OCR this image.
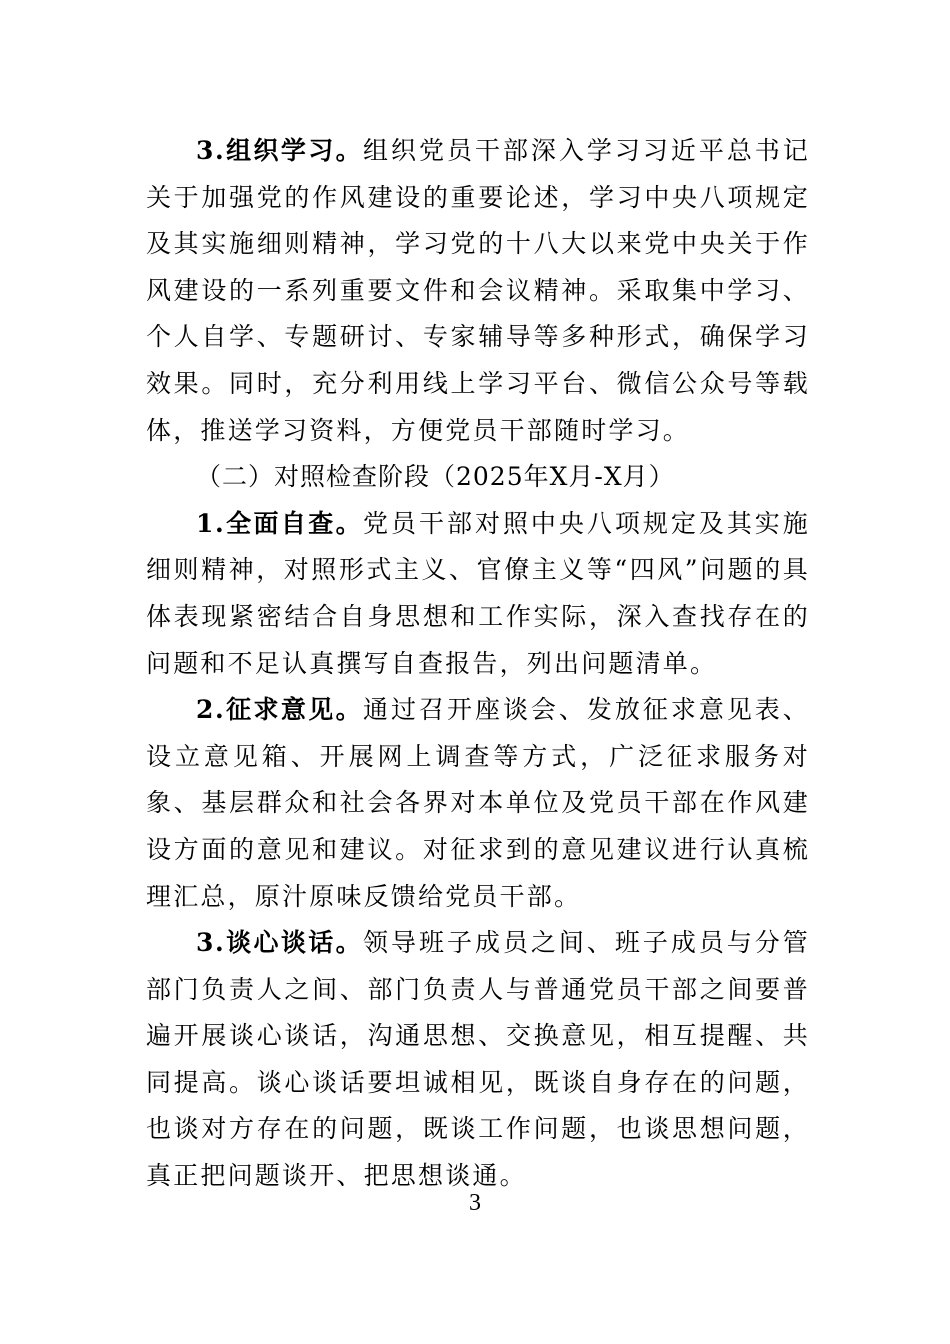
3.组织学习。组织党员干部深入学习习近平总书记关于加强党的作风建设的重要论述，学习中央八项规定及其实施细则精神，学习党的十八大以来党中央关于作风建设的一系列重要文件和会议精神。采取集中学习、个人自学、专题研讨、专家辅导等多种形式，确保学习效果。同时，充分利用线上学习平台、微信公众号等载体，推送学习资料，方便党员干部随时学习。

（二）对照检查阶段（2025年X月-X月）

1.全面自查。党员干部对照中央八项规定及其实施细则精神，对照形式主义、官僚主义等“四风”问题的具体表现紧密结合自身思想和工作实际，深入查找存在的问题和不足认真撰写自查报告，列出问题清单。

2.征求意见。通过召开座谈会、发放征求意见表、设立意见箱、开展网上调查等方式，广泛征求服务对象、基层群众和社会各界对本单位及党员干部在作风建设方面的意见和建议。对征求到的意见建议进行认真梳理汇总，原汁原味反馈给党员干部。

3.谈心谈话。领导班子成员之间、班子成员与分管部门负责人之间、部门负责人与普通党员干部之间要普遍开展谈心谈话，沟通思想、交换意见，相互提醒、共同提高。谈心谈话要坦诚相见，既谈自身存在的问题，也谈对方存在的问题，既谈工作问题，也谈思想问题，真正把问题谈开、把思想谈通。

3
